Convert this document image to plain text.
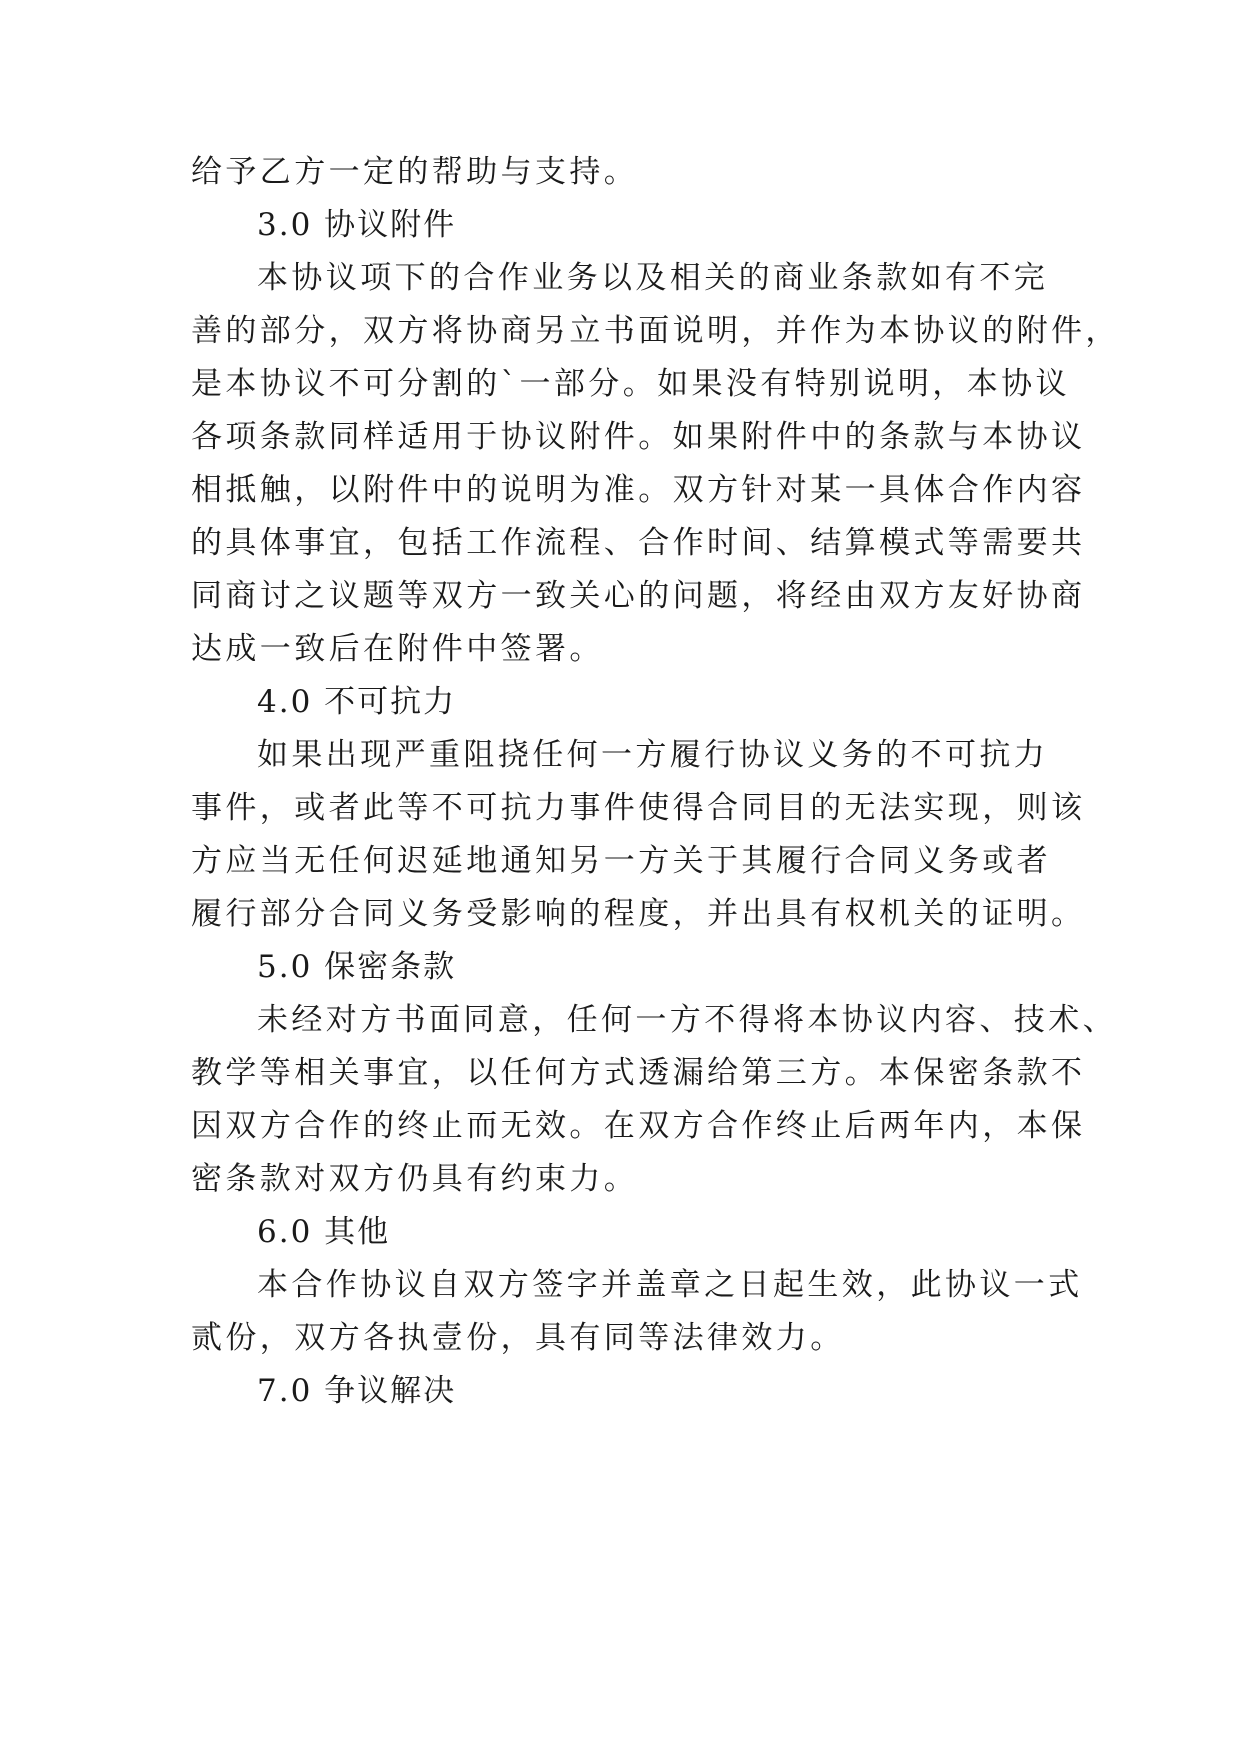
给予乙方一定的帮助与支持。
3.0 协议附件
本协议项下的合作业务以及相关的商业条款如有不完
善的部分，双方将协商另立书面说明，并作为本协议的附件，
是本协议不可分割的`一部分。如果没有特别说明，本协议
各项条款同样适用于协议附件。如果附件中的条款与本协议
相抵触，以附件中的说明为准。双方针对某一具体合作内容
的具体事宜，包括工作流程、合作时间、结算模式等需要共
同商讨之议题等双方一致关心的问题，将经由双方友好协商
达成一致后在附件中签署。
4.0 不可抗力
如果出现严重阻挠任何一方履行协议义务的不可抗力
事件，或者此等不可抗力事件使得合同目的无法实现，则该
方应当无任何迟延地通知另一方关于其履行合同义务或者
履行部分合同义务受影响的程度，并出具有权机关的证明。
5.0 保密条款
未经对方书面同意，任何一方不得将本协议内容、技术、
教学等相关事宜，以任何方式透漏给第三方。本保密条款不
因双方合作的终止而无效。在双方合作终止后两年内，本保
密条款对双方仍具有约束力。
6.0 其他
本合作协议自双方签字并盖章之日起生效，此协议一式
贰份，双方各执壹份，具有同等法律效力。
7.0 争议解决
